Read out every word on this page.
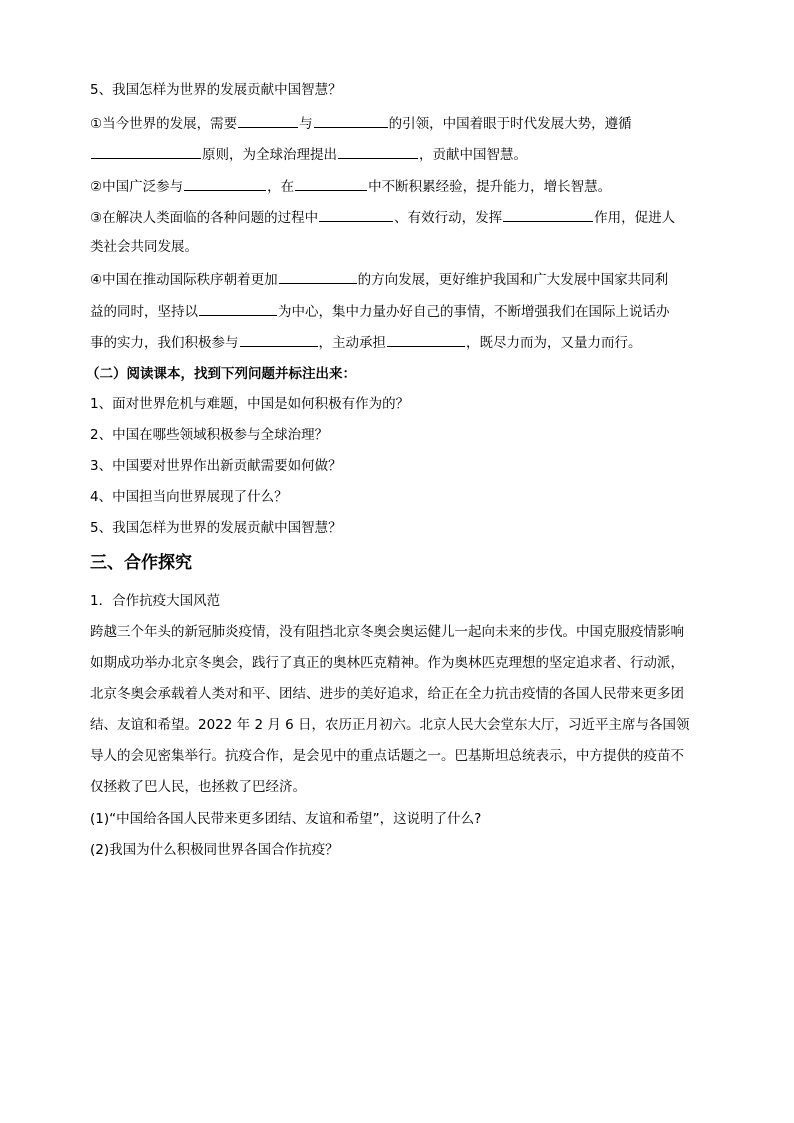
5、我国怎样为世界的发展贡献中国智慧？
①当今世界的发展，需要	与	的引领，中国着眼于时代发展大势，遵循
原则，为全球治理提出	，贡献中国智慧。
②中国广泛参与	，在	中不断积累经验，提升能力，增长智慧。
③在解决人类面临的各种问题的过程中	、有效行动，发挥	作用，促进人
类社会共同发展。
④中国在推动国际秩序朝着更加	的方向发展，更好维护我国和广大发展中国家共同利
益的同时，坚持以	为中心，集中力量办好自己的事情，不断增强我们在国际上说话办
事的实力，我们积极参与	，主动承担	，既尽力而为，又量力而行。
（二）阅读课本，找到下列问题并标注出来：
1、面对世界危机与难题，中国是如何积极有作为的？
2、中国在哪些领域积极参与全球治理？
3、中国要对世界作出新贡献需要如何做？
4、中国担当向世界展现了什么？
5、我国怎样为世界的发展贡献中国智慧？
三、合作探究
1．合作抗疫大国风范
跨越三个年头的新冠肺炎疫情，没有阻挡北京冬奥会奥运健儿一起向未来的步伐。中国克服疫情影响
如期成功举办北京冬奥会，践行了真正的奥林匹克精神。作为奥林匹克理想的坚定追求者、行动派，
北京冬奥会承载着人类对和平、团结、进步的美好追求，给正在全力抗击疫情的各国人民带来更多团
结、友谊和希望。2022 年 2 月 6 日，农历正月初六。北京人民大会堂东大厅，习近平主席与各国领
导人的会见密集举行。抗疫合作，是会见中的重点话题之一。巴基斯坦总统表示，中方提供的疫苗不
仅拯救了巴人民，也拯救了巴经济。
(1)“中国给各国人民带来更多团结、友谊和希望”，这说明了什么?
(2)我国为什么积极同世界各国合作抗疫？
